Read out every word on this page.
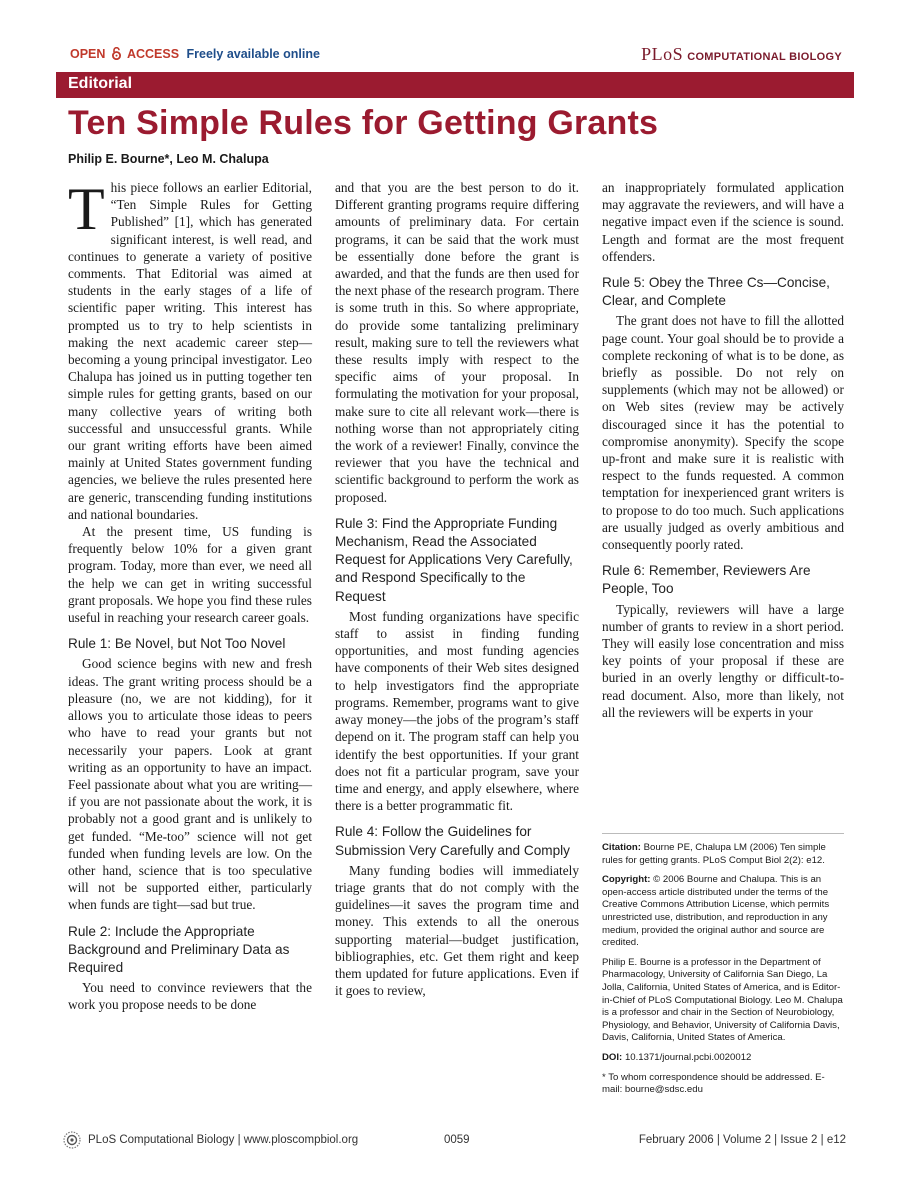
OPEN ACCESS Freely available online	PLoS COMPUTATIONAL BIOLOGY
Editorial
Ten Simple Rules for Getting Grants
Philip E. Bourne*, Leo M. Chalupa

This piece follows an earlier Editorial, “Ten Simple Rules for Getting Published” [1], which has generated significant interest, is well read, and continues to generate a variety of positive comments. That Editorial was aimed at students in the early stages of a life of scientific paper writing. This interest has prompted us to try to help scientists in making the next academic career step—becoming a young principal investigator. Leo Chalupa has joined us in putting together ten simple rules for getting grants, based on our many collective years of writing both successful and unsuccessful grants. While our grant writing efforts have been aimed mainly at United States government funding agencies, we believe the rules presented here are generic, transcending funding institutions and national boundaries.

At the present time, US funding is frequently below 10% for a given grant program. Today, more than ever, we need all the help we can get in writing successful grant proposals. We hope you find these rules useful in reaching your research career goals.

Rule 1: Be Novel, but Not Too Novel

Good science begins with new and fresh ideas. The grant writing process should be a pleasure (no, we are not kidding), for it allows you to articulate those ideas to peers who have to read your grants but not necessarily your papers. Look at grant writing as an opportunity to have an impact. Feel passionate about what you are writing—if you are not passionate about the work, it is probably not a good grant and is unlikely to get funded. “Me-too” science will not get funded when funding levels are low. On the other hand, science that is too speculative will not be supported either, particularly when funds are tight—sad but true.

Rule 2: Include the Appropriate Background and Preliminary Data as Required

You need to convince reviewers that the work you propose needs to be done

and that you are the best person to do it. Different granting programs require differing amounts of preliminary data. For certain programs, it can be said that the work must be essentially done before the grant is awarded, and that the funds are then used for the next phase of the research program. There is some truth in this. So where appropriate, do provide some tantalizing preliminary result, making sure to tell the reviewers what these results imply with respect to the specific aims of your proposal. In formulating the motivation for your proposal, make sure to cite all relevant work—there is nothing worse than not appropriately citing the work of a reviewer! Finally, convince the reviewer that you have the technical and scientific background to perform the work as proposed.

Rule 3: Find the Appropriate Funding Mechanism, Read the Associated Request for Applications Very Carefully, and Respond Specifically to the Request

Most funding organizations have specific staff to assist in finding funding opportunities, and most funding agencies have components of their Web sites designed to help investigators find the appropriate programs. Remember, programs want to give away money—the jobs of the program’s staff depend on it. The program staff can help you identify the best opportunities. If your grant does not fit a particular program, save your time and energy, and apply elsewhere, where there is a better programmatic fit.

Rule 4: Follow the Guidelines for Submission Very Carefully and Comply

Many funding bodies will immediately triage grants that do not comply with the guidelines—it saves the program time and money. This extends to all the onerous supporting material—budget justification, bibliographies, etc. Get them right and keep them updated for future applications. Even if it goes to review,

an inappropriately formulated application may aggravate the reviewers, and will have a negative impact even if the science is sound. Length and format are the most frequent offenders.

Rule 5: Obey the Three Cs—Concise, Clear, and Complete

The grant does not have to fill the allotted page count. Your goal should be to provide a complete reckoning of what is to be done, as briefly as possible. Do not rely on supplements (which may not be allowed) or on Web sites (review may be actively discouraged since it has the potential to compromise anonymity). Specify the scope up-front and make sure it is realistic with respect to the funds requested. A common temptation for inexperienced grant writers is to propose to do too much. Such applications are usually judged as overly ambitious and consequently poorly rated.

Rule 6: Remember, Reviewers Are People, Too

Typically, reviewers will have a large number of grants to review in a short period. They will easily lose concentration and miss key points of your proposal if these are buried in an overly lengthy or difficult-to-read document. Also, more than likely, not all the reviewers will be experts in your

Citation: Bourne PE, Chalupa LM (2006) Ten simple rules for getting grants. PLoS Comput Biol 2(2): e12.

Copyright: © 2006 Bourne and Chalupa. This is an open-access article distributed under the terms of the Creative Commons Attribution License, which permits unrestricted use, distribution, and reproduction in any medium, provided the original author and source are credited.

Philip E. Bourne is a professor in the Department of Pharmacology, University of California San Diego, La Jolla, California, United States of America, and is Editor-in-Chief of PLoS Computational Biology. Leo M. Chalupa is a professor and chair in the Section of Neurobiology, Physiology, and Behavior, University of California Davis, Davis, California, United States of America.

DOI: 10.1371/journal.pcbi.0020012

* To whom correspondence should be addressed. E-mail: bourne@sdsc.edu

PLoS Computational Biology | www.ploscompbiol.org	0059	February 2006 | Volume 2 | Issue 2 | e12
